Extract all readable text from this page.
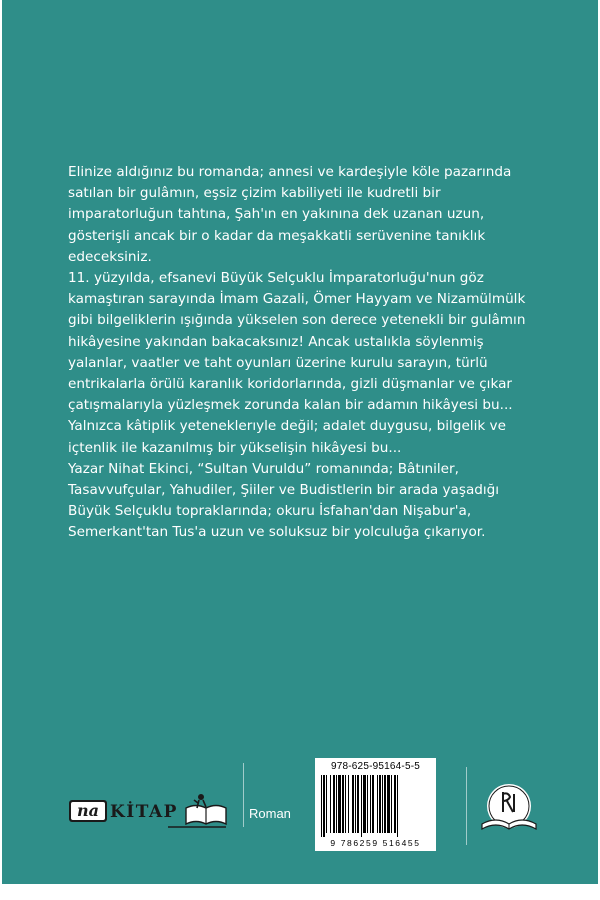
Elinize aldığınız bu romanda; annesi ve kardeşiyle köle pazarında

satılan bir gulâmın, eşsiz çizim kabiliyeti ile kudretli bir

imparatorluğun tahtına, Şah'ın en yakınına dek uzanan uzun,

gösterişli ancak bir o kadar da meşakkatli serüvenine tanıklık

edeceksiniz.

11. yüzyılda, efsanevi Büyük Selçuklu İmparatorluğu'nun göz

kamaştıran sarayında İmam Gazali, Ömer Hayyam ve Nizamülmülk

gibi bilgeliklerin ışığında yükselen son derece yetenekli bir gulâmın

hikâyesine yakından bakacaksınız! Ancak ustalıkla söylenmiş

yalanlar, vaatler ve taht oyunları üzerine kurulu sarayın, türlü

entrikalarla örülü karanlık koridorlarında, gizli düşmanlar ve çıkar

çatışmalarıyla yüzleşmek zorunda kalan bir adamın hikâyesi bu...

Yalnızca kâtiplik yeteneklerıyle değil; adalet duygusu, bilgelik ve

içtenlik ile kazanılmış bir yükselişin hikâyesi bu...

Yazar Nihat Ekinci, “Sultan Vuruldu” romanında; Bâtıniler,

Tasavvufçular, Yahudiler, Şiiler ve Budistlerin bir arada yaşadığı

Büyük Selçuklu topraklarında; okuru İsfahan'dan Nişabur'a,

Semerkant'tan Tus'a uzun ve soluksuz bir yolculuğa çıkarıyor.

na KİTAP	Roman
978-625-95164-5-5
9 786259 516455
